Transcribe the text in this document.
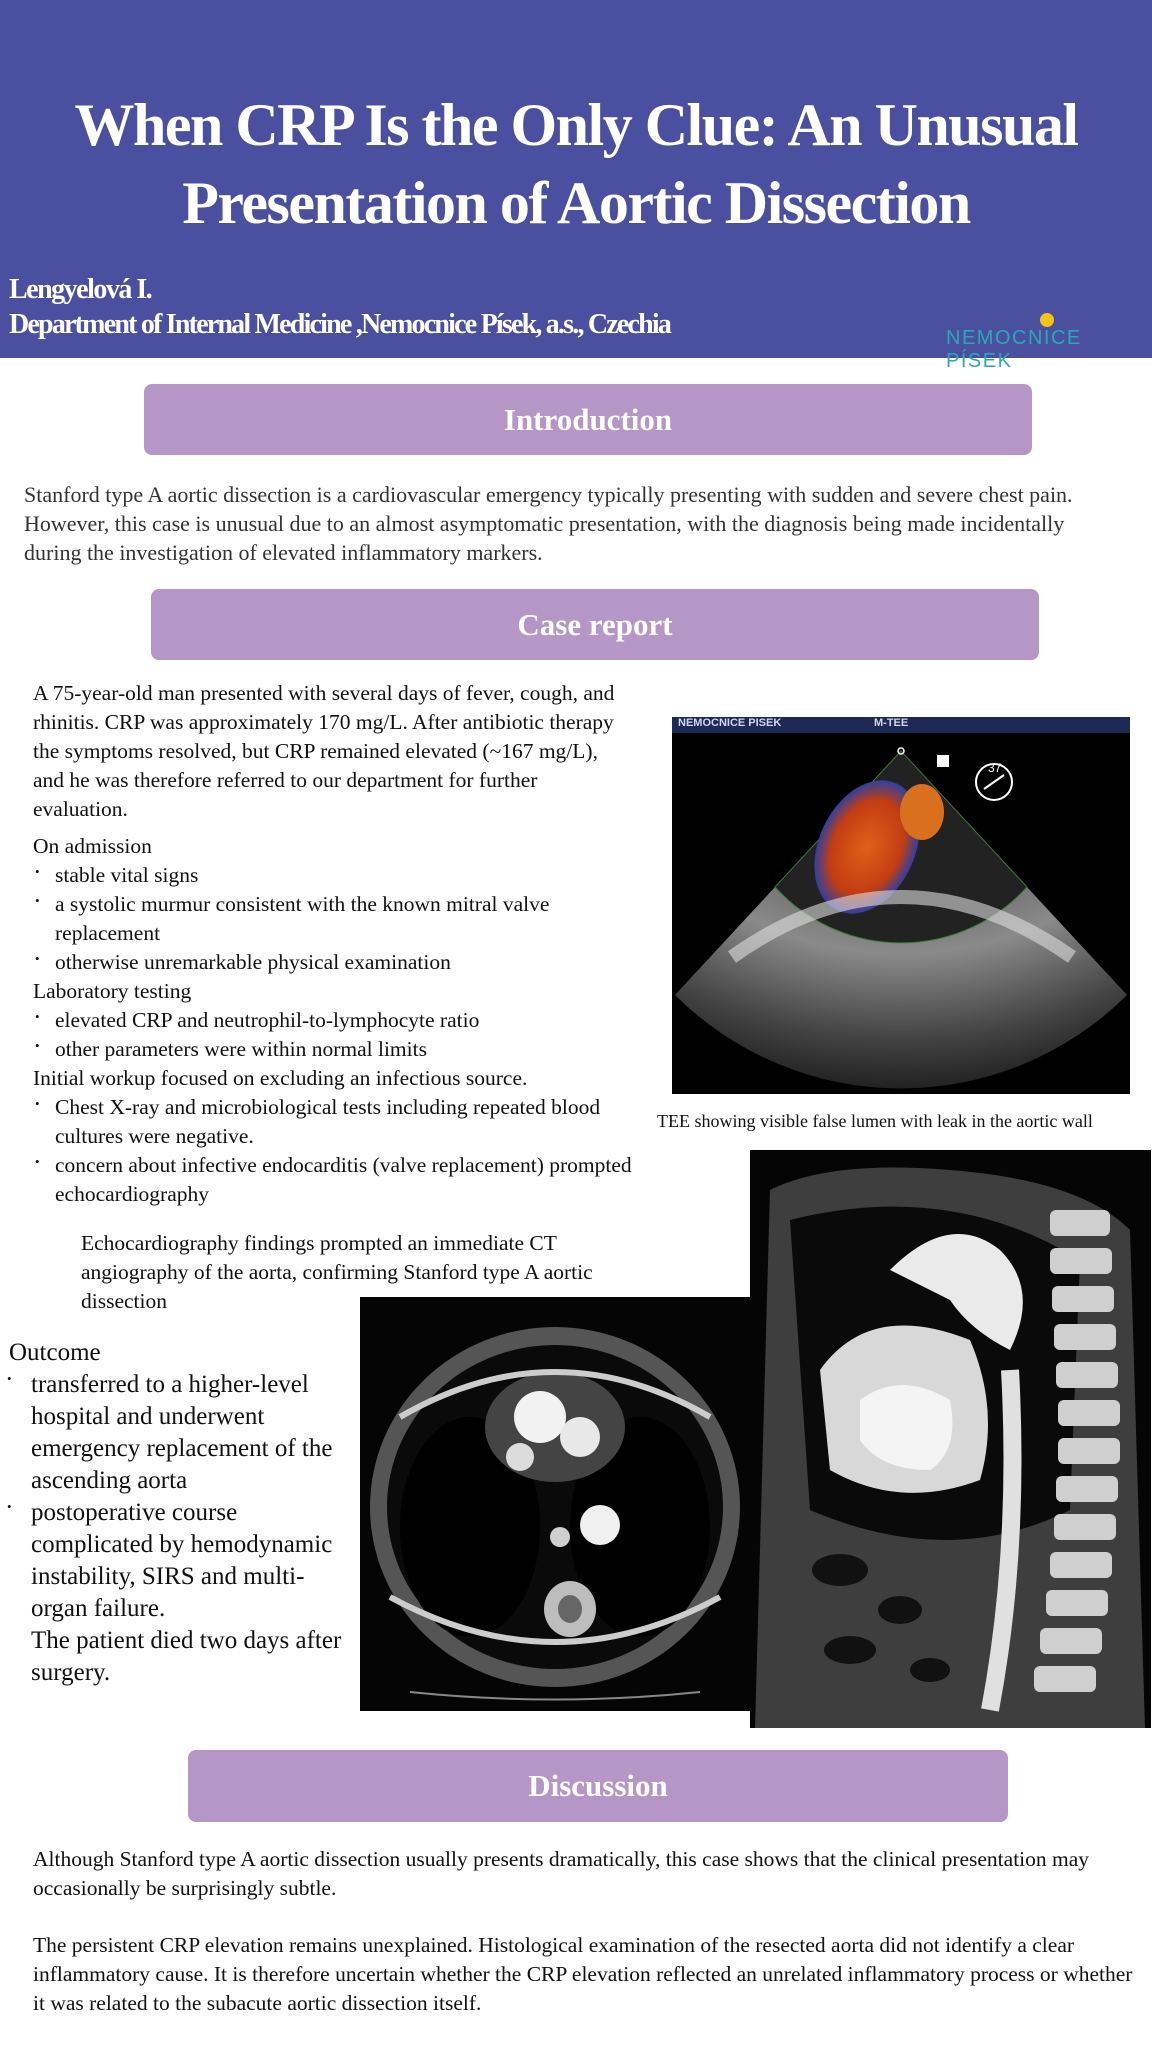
When CRP Is the Only Clue: An Unusual
Presentation of Aortic Dissection
Lengyelová I.
Department of Internal Medicine ,Nemocnice Písek, a.s., Czechia	NEMOCNICE PÍSEK
Introduction
Stanford type A aortic dissection is a cardiovascular emergency typically presenting with sudden and severe chest pain. However, this case is unusual due to an almost asymptomatic presentation, with the diagnosis being made incidentally during the investigation of elevated inflammatory markers.
Case report
A 75-year-old man presented with several days of fever, cough, and rhinitis. CRP was approximately 170 mg/L. After antibiotic therapy the symptoms resolved, but CRP remained elevated (~167 mg/L), and he was therefore referred to our department for further evaluation.
On admission
• stable vital signs
• a systolic murmur consistent with the known mitral valve replacement
• otherwise unremarkable physical examination
Laboratory testing
• elevated CRP and neutrophil-to-lymphocyte ratio
• other parameters were within normal limits
Initial workup focused on excluding an infectious source.
• Chest X-ray and microbiological tests including repeated blood cultures were negative.
• concern about infective endocarditis (valve replacement) prompted echocardiography
Echocardiography findings prompted an immediate CT angiography of the aorta, confirming Stanford type A aortic dissection
NEMOCNICE PISEK	M-TEE
37
TEE showing visible false lumen with leak in the aortic wall
Outcome
• transferred to a higher-level hospital and underwent emergency replacement of the ascending aorta
• postoperative course complicated by hemodynamic instability, SIRS and multi-organ failure.
The patient died two days after surgery.
Discussion
Although Stanford type A aortic dissection usually presents dramatically, this case shows that the clinical presentation may occasionally be surprisingly subtle.
The persistent CRP elevation remains unexplained. Histological examination of the resected aorta did not identify a clear inflammatory cause. It is therefore uncertain whether the CRP elevation reflected an unrelated inflammatory process or whether it was related to the subacute aortic dissection itself.
